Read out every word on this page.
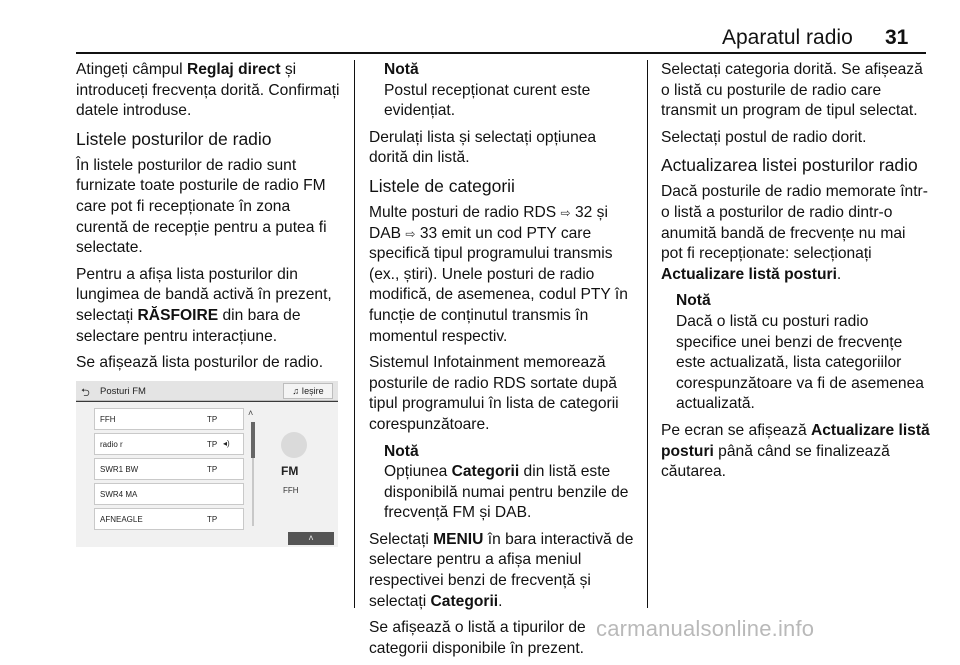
Aparatul radio 31

Atingeți câmpul Reglaj direct și introduceți frecvența dorită. Confirmați datele introduse.

Listele posturilor de radio

În listele posturilor de radio sunt furnizate toate posturile de radio FM care pot fi recepționate în zona curentă de recepție pentru a putea fi selectate.

Pentru a afișa lista posturilor din lungimea de bandă activă în prezent, selectați RĂSFOIRE din bara de selectare pentru interacțiune.

Se afișează lista posturilor de radio.

⮌ Posturi FM	♫ Ieșire
FFH	TP
radio r	TP ◂)
SWR1 BW	TP
SWR4 MA
AFNEAGLE	TP
˄
FM
FFH
˄
Notă
Postul recepționat curent este evidențiat.

Derulați lista și selectați opțiunea dorită din listă.

Listele de categorii

Multe posturi de radio RDS ⇨ 32 și DAB ⇨ 33 emit un cod PTY care specifică tipul programului transmis (ex., știri). Unele posturi de radio modifică, de asemenea, codul PTY în funcție de conținutul transmis în momentul respectiv.

Sistemul Infotainment memorează posturile de radio RDS sortate după tipul programului în lista de categorii corespunzătoare.

Notă
Opțiunea Categorii din listă este disponibilă numai pentru benzile de frecvență FM și DAB.

Selectați MENIU în bara interactivă de selectare pentru a afișa meniul respectivei benzi de frecvență și selectați Categorii.

Se afișează o listă a tipurilor de categorii disponibile în prezent.

Selectați categoria dorită. Se afișează o listă cu posturile de radio care transmit un program de tipul selectat.

Selectați postul de radio dorit.

Actualizarea listei posturilor radio

Dacă posturile de radio memorate într-o listă a posturilor de radio dintr-o anumită bandă de frecvențe nu mai pot fi recepționate: selecționați Actualizare listă posturi.

Notă
Dacă o listă cu posturi radio specifice unei benzi de frecvențe este actualizată, lista categoriilor corespunzătoare va fi de asemenea actualizată.

Pe ecran se afișează Actualizare listă posturi până când se finalizează căutarea.

carmanualsonline.info
